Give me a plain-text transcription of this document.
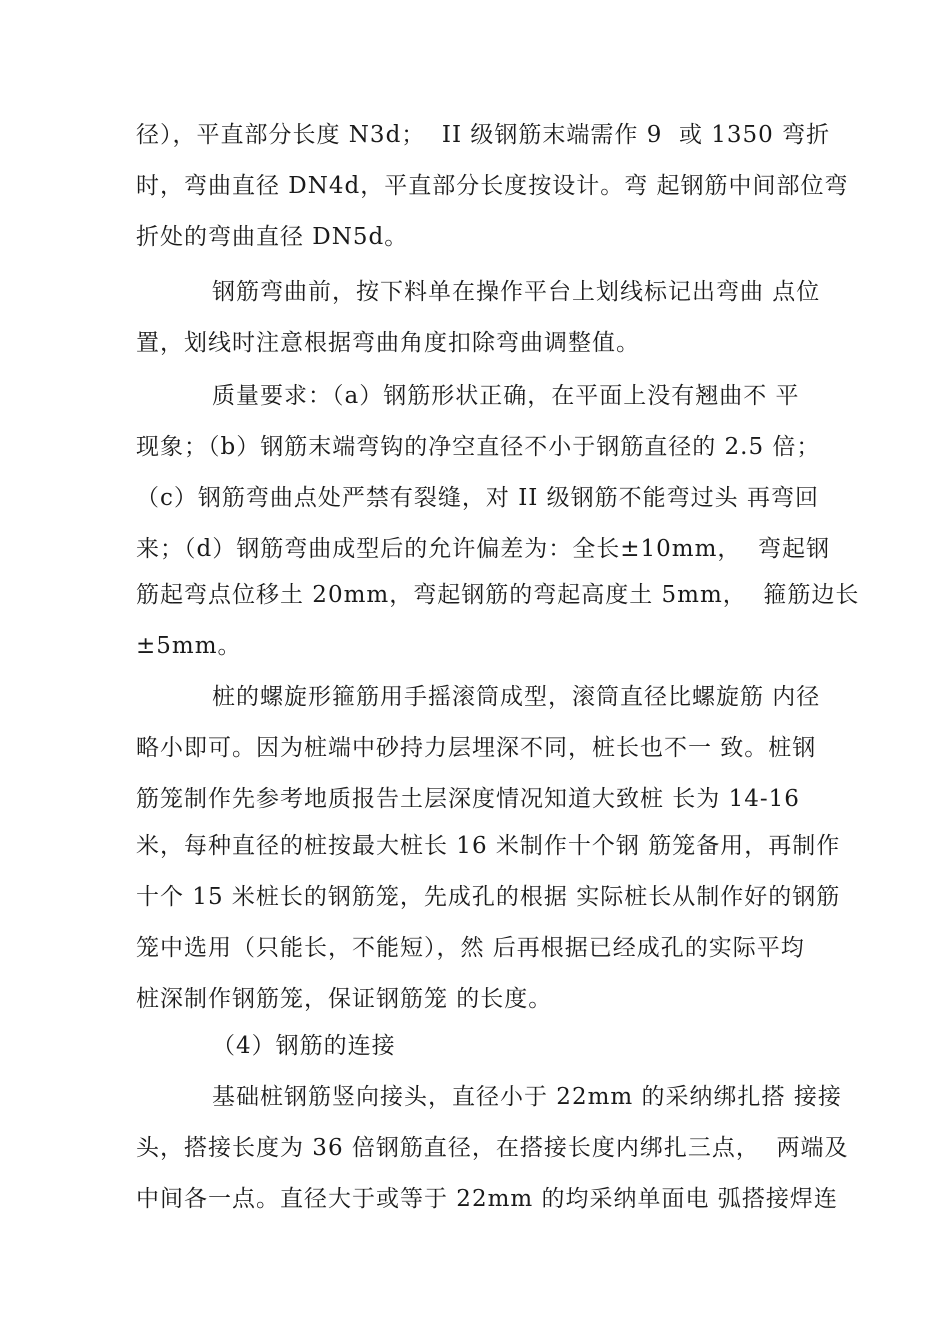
径），平直部分长度 N3d；  II 级钢筋末端需作 9  或 1350 弯折
时，弯曲直径 DN4d，平直部分长度按设计。弯 起钢筋中间部位弯
折处的弯曲直径 DN5d。
钢筋弯曲前，按下料单在操作平台上划线标记出弯曲 点位
置，划线时注意根据弯曲角度扣除弯曲调整值。
质量要求：（a）钢筋形状正确，在平面上没有翘曲不 平
现象；（b）钢筋末端弯钩的净空直径不小于钢筋直径的 2.5 倍；
（c）钢筋弯曲点处严禁有裂缝，对 II 级钢筋不能弯过头 再弯回
来；（d）钢筋弯曲成型后的允许偏差为：全长±10mm，  弯起钢
筋起弯点位移土 20mm，弯起钢筋的弯起高度土 5mm，  箍筋边长
±5mm。
桩的螺旋形箍筋用手摇滚筒成型，滚筒直径比螺旋筋 内径
略小即可。因为桩端中砂持力层埋深不同，桩长也不一 致。桩钢
筋笼制作先参考地质报告土层深度情况知道大致桩 长为 14-16
米，每种直径的桩按最大桩长 16 米制作十个钢 筋笼备用，再制作
十个 15 米桩长的钢筋笼，先成孔的根据 实际桩长从制作好的钢筋
笼中选用（只能长，不能短），然 后再根据已经成孔的实际平均
桩深制作钢筋笼，保证钢筋笼 的长度。
（4）钢筋的连接
基础桩钢筋竖向接头，直径小于 22mm 的采纳绑扎搭 接接
头，搭接长度为 36 倍钢筋直径，在搭接长度内绑扎三点，  两端及
中间各一点。直径大于或等于 22mm 的均采纳单面电 弧搭接焊连
